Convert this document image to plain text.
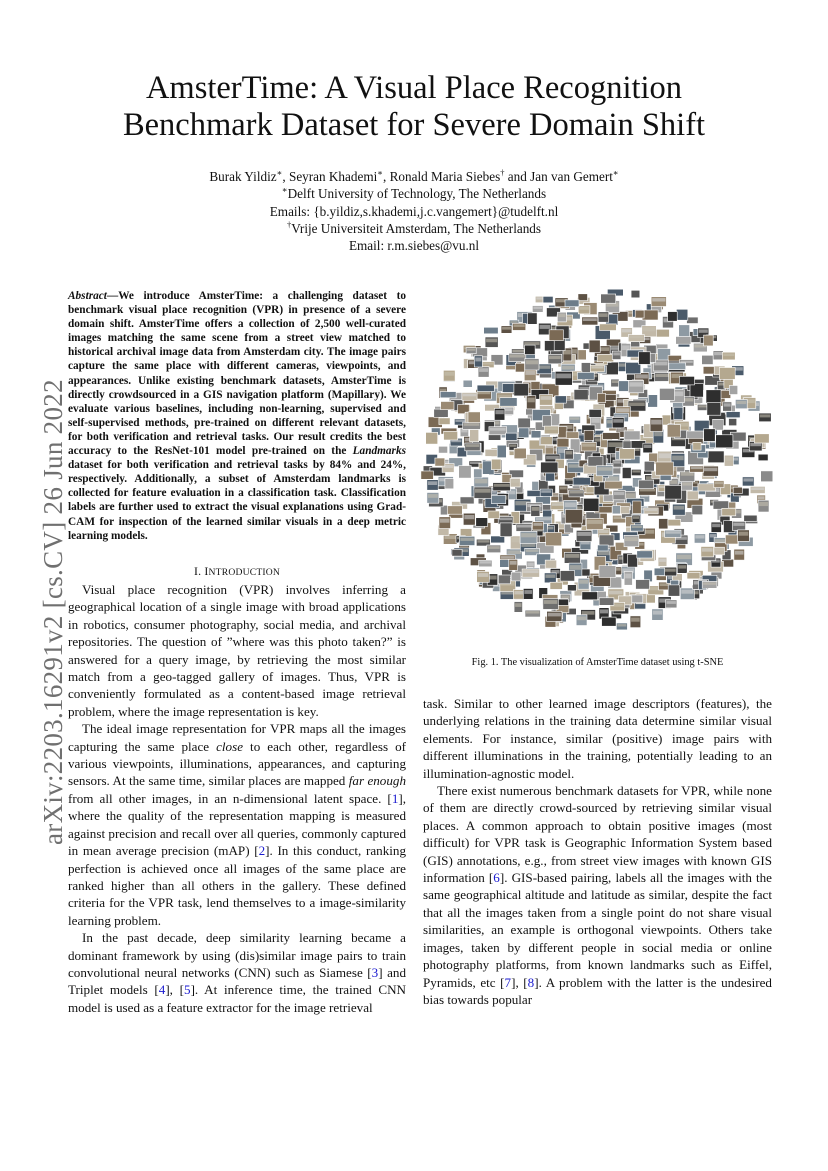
arXiv:2203.16291v2 [cs.CV] 26 Jun 2022
AmsterTime: A Visual Place Recognition
Benchmark Dataset for Severe Domain Shift
Burak Yildiz∗, Seyran Khademi∗, Ronald Maria Siebes† and Jan van Gemert∗
∗Delft University of Technology, The Netherlands
Emails: {b.yildiz,s.khademi,j.c.vangemert}@tudelft.nl
†Vrije Universiteit Amsterdam, The Netherlands
Email: r.m.siebes@vu.nl
Abstract—We introduce AmsterTime: a challenging dataset to benchmark visual place recognition (VPR) in presence of a severe domain shift. AmsterTime offers a collection of 2,500 well-curated images matching the same scene from a street view matched to historical archival image data from Amsterdam city. The image pairs capture the same place with different cameras, viewpoints, and appearances. Unlike existing benchmark datasets, AmsterTime is directly crowdsourced in a GIS navigation platform (Mapillary). We evaluate various baselines, including non-learning, supervised and self-supervised methods, pre-trained on different relevant datasets, for both verification and retrieval tasks. Our result credits the best accuracy to the ResNet-101 model pre-trained on the Landmarks dataset for both verification and retrieval tasks by 84% and 24%, respectively. Additionally, a subset of Amsterdam landmarks is collected for feature evaluation in a classification task. Classification labels are further used to extract the visual explanations using Grad-CAM for inspection of the learned similar visuals in a deep metric learning models.
I. INTRODUCTION

Visual place recognition (VPR) involves inferring a geographical location of a single image with broad applications in robotics, consumer photography, social media, and archival repositories. The question of ”where was this photo taken?” is answered for a query image, by retrieving the most similar match from a geo-tagged gallery of images. Thus, VPR is conveniently formulated as a content-based image retrieval problem, where the image representation is key.

The ideal image representation for VPR maps all the images capturing the same place close to each other, regardless of various viewpoints, illuminations, appearances, and capturing sensors. At the same time, similar places are mapped far enough from all other images, in an n-dimensional latent space. [1], where the quality of the representation mapping is measured against precision and recall over all queries, commonly captured in mean average precision (mAP) [2]. In this conduct, ranking perfection is achieved once all images of the same place are ranked higher than all others in the gallery. These defined criteria for the VPR task, lend themselves to a image-similarity learning problem.

In the past decade, deep similarity learning became a dominant framework by using (dis)similar image pairs to train convolutional neural networks (CNN) such as Siamese [3] and Triplet models [4], [5]. At inference time, the trained CNN model is used as a feature extractor for the image retrieval

Fig. 1. The visualization of AmsterTime dataset using t-SNE

task. Similar to other learned image descriptors (features), the underlying relations in the training data determine similar visual elements. For instance, similar (positive) image pairs with different illuminations in the training, potentially leading to an illumination-agnostic model.

There exist numerous benchmark datasets for VPR, while none of them are directly crowd-sourced by retrieving similar visual places. A common approach to obtain positive images (most difficult) for VPR task is Geographic Information System based (GIS) annotations, e.g., from street view images with known GIS information [6]. GIS-based pairing, labels all the images with the same geographical altitude and latitude as similar, despite the fact that all the images taken from a single point do not share visual similarities, an example is orthogonal viewpoints. Others take images, taken by different people in social media or online photography platforms, from known landmarks such as Eiffel, Pyramids, etc [7], [8]. A problem with the latter is the undesired bias towards popular
